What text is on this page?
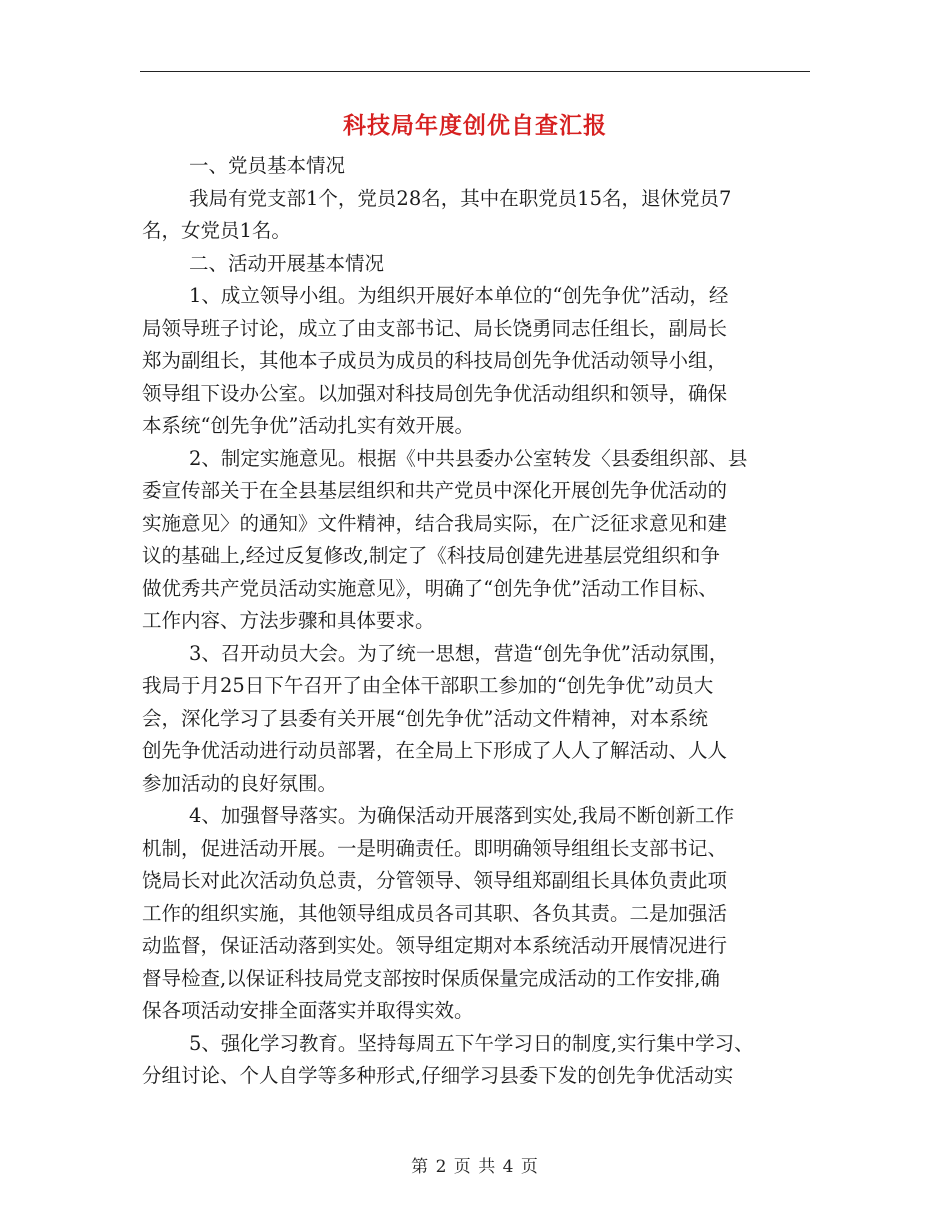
科技局年度创优自查汇报
一、党员基本情况
我局有党支部1个，党员28名，其中在职党员15名，退休党员7
名，女党员1名。
二、活动开展基本情况
1、成立领导小组。为组织开展好本单位的“创先争优”活动，经
局领导班子讨论，成立了由支部书记、局长饶勇同志任组长，副局长
郑为副组长，其他本子成员为成员的科技局创先争优活动领导小组，
领导组下设办公室。以加强对科技局创先争优活动组织和领导，确保
本系统“创先争优”活动扎实有效开展。
2、制定实施意见。根据《中共县委办公室转发〈县委组织部、县
委宣传部关于在全县基层组织和共产党员中深化开展创先争优活动的
实施意见〉的通知》文件精神，结合我局实际，在广泛征求意见和建
议的基础上,经过反复修改,制定了《科技局创建先进基层党组织和争
做优秀共产党员活动实施意见》，明确了“创先争优”活动工作目标、
工作内容、方法步骤和具体要求。
3、召开动员大会。为了统一思想，营造“创先争优”活动氛围，
我局于月25日下午召开了由全体干部职工参加的“创先争优”动员大
会，深化学习了县委有关开展“创先争优”活动文件精神，对本系统
创先争优活动进行动员部署，在全局上下形成了人人了解活动、人人
参加活动的良好氛围。
4、加强督导落实。为确保活动开展落到实处,我局不断创新工作
机制，促进活动开展。一是明确责任。即明确领导组组长支部书记、
饶局长对此次活动负总责，分管领导、领导组郑副组长具体负责此项
工作的组织实施，其他领导组成员各司其职、各负其责。二是加强活
动监督，保证活动落到实处。领导组定期对本系统活动开展情况进行
督导检查,以保证科技局党支部按时保质保量完成活动的工作安排,确
保各项活动安排全面落实并取得实效。
5、强化学习教育。坚持每周五下午学习日的制度,实行集中学习、
分组讨论、个人自学等多种形式,仔细学习县委下发的创先争优活动实
第 2 页 共 4 页
